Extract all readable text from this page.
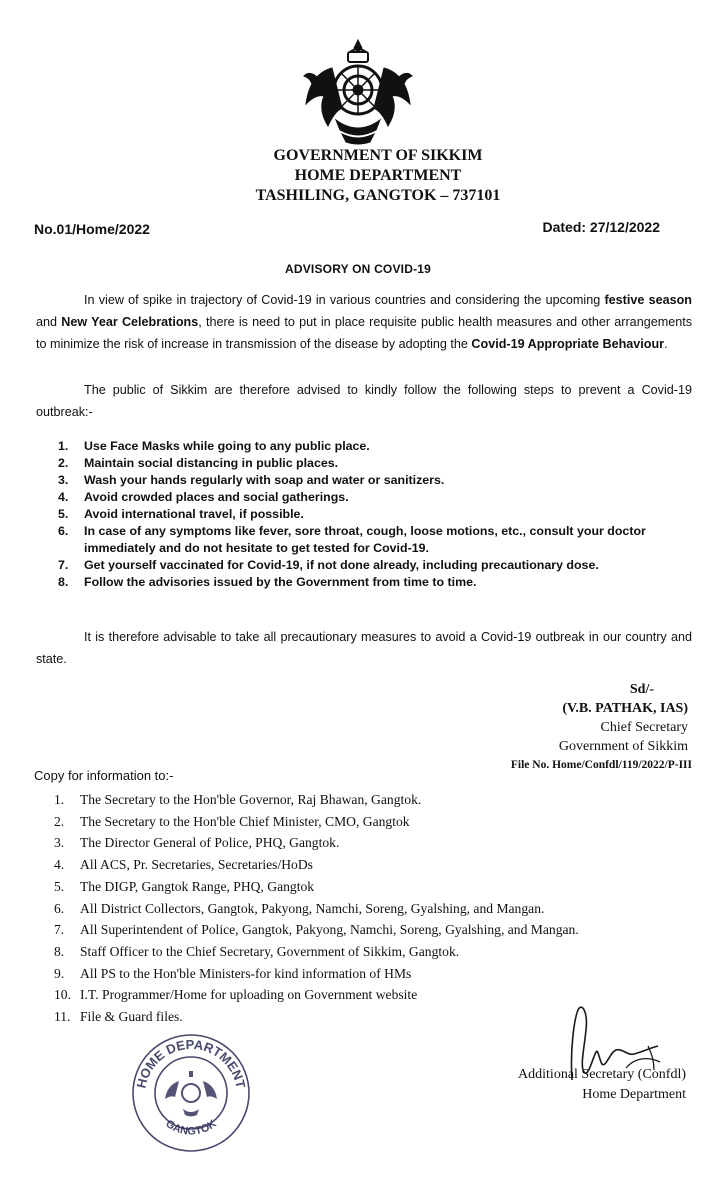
GOVERNMENT OF SIKKIM
HOME DEPARTMENT
TASHILING, GANGTOK – 737101
No.01/Home/2022	Dated: 27/12/2022
ADVISORY ON COVID-19
In view of spike in trajectory of Covid-19 in various countries and considering the upcoming festive season and New Year Celebrations, there is need to put in place requisite public health measures and other arrangements to minimize the risk of increase in transmission of the disease by adopting the Covid-19 Appropriate Behaviour.
The public of Sikkim are therefore advised to kindly follow the following steps to prevent a Covid-19 outbreak:-
1. Use Face Masks while going to any public place.
2. Maintain social distancing in public places.
3. Wash your hands regularly with soap and water or sanitizers.
4. Avoid crowded places and social gatherings.
5. Avoid international travel, if possible.
6. In case of any symptoms like fever, sore throat, cough, loose motions, etc., consult your doctor immediately and do not hesitate to get tested for Covid-19.
7. Get yourself vaccinated for Covid-19, if not done already, including precautionary dose.
8. Follow the advisories issued by the Government from time to time.
It is therefore advisable to take all precautionary measures to avoid a Covid-19 outbreak in our country and state.
Sd/-
(V.B. PATHAK, IAS)
Chief Secretary
Government of Sikkim
File No. Home/Confdl/119/2022/P-III
Copy for information to:-
1. The Secretary to the Hon'ble Governor, Raj Bhawan, Gangtok.
2. The Secretary to the Hon'ble Chief Minister, CMO, Gangtok
3. The Director General of Police, PHQ, Gangtok.
4. All ACS, Pr. Secretaries, Secretaries/HoDs
5. The DIGP, Gangtok Range, PHQ, Gangtok
6. All District Collectors, Gangtok, Pakyong, Namchi, Soreng, Gyalshing, and Mangan.
7. All Superintendent of Police, Gangtok, Pakyong, Namchi, Soreng, Gyalshing, and Mangan.
8. Staff Officer to the Chief Secretary, Government of Sikkim, Gangtok.
9. All PS to the Hon'ble Ministers-for kind information of HMs
10. I.T. Programmer/Home for uploading on Government website
11. File & Guard files.
HOME DEPARTMENT
GANGTOK
Additional Secretary (Confdl)
Home Department
